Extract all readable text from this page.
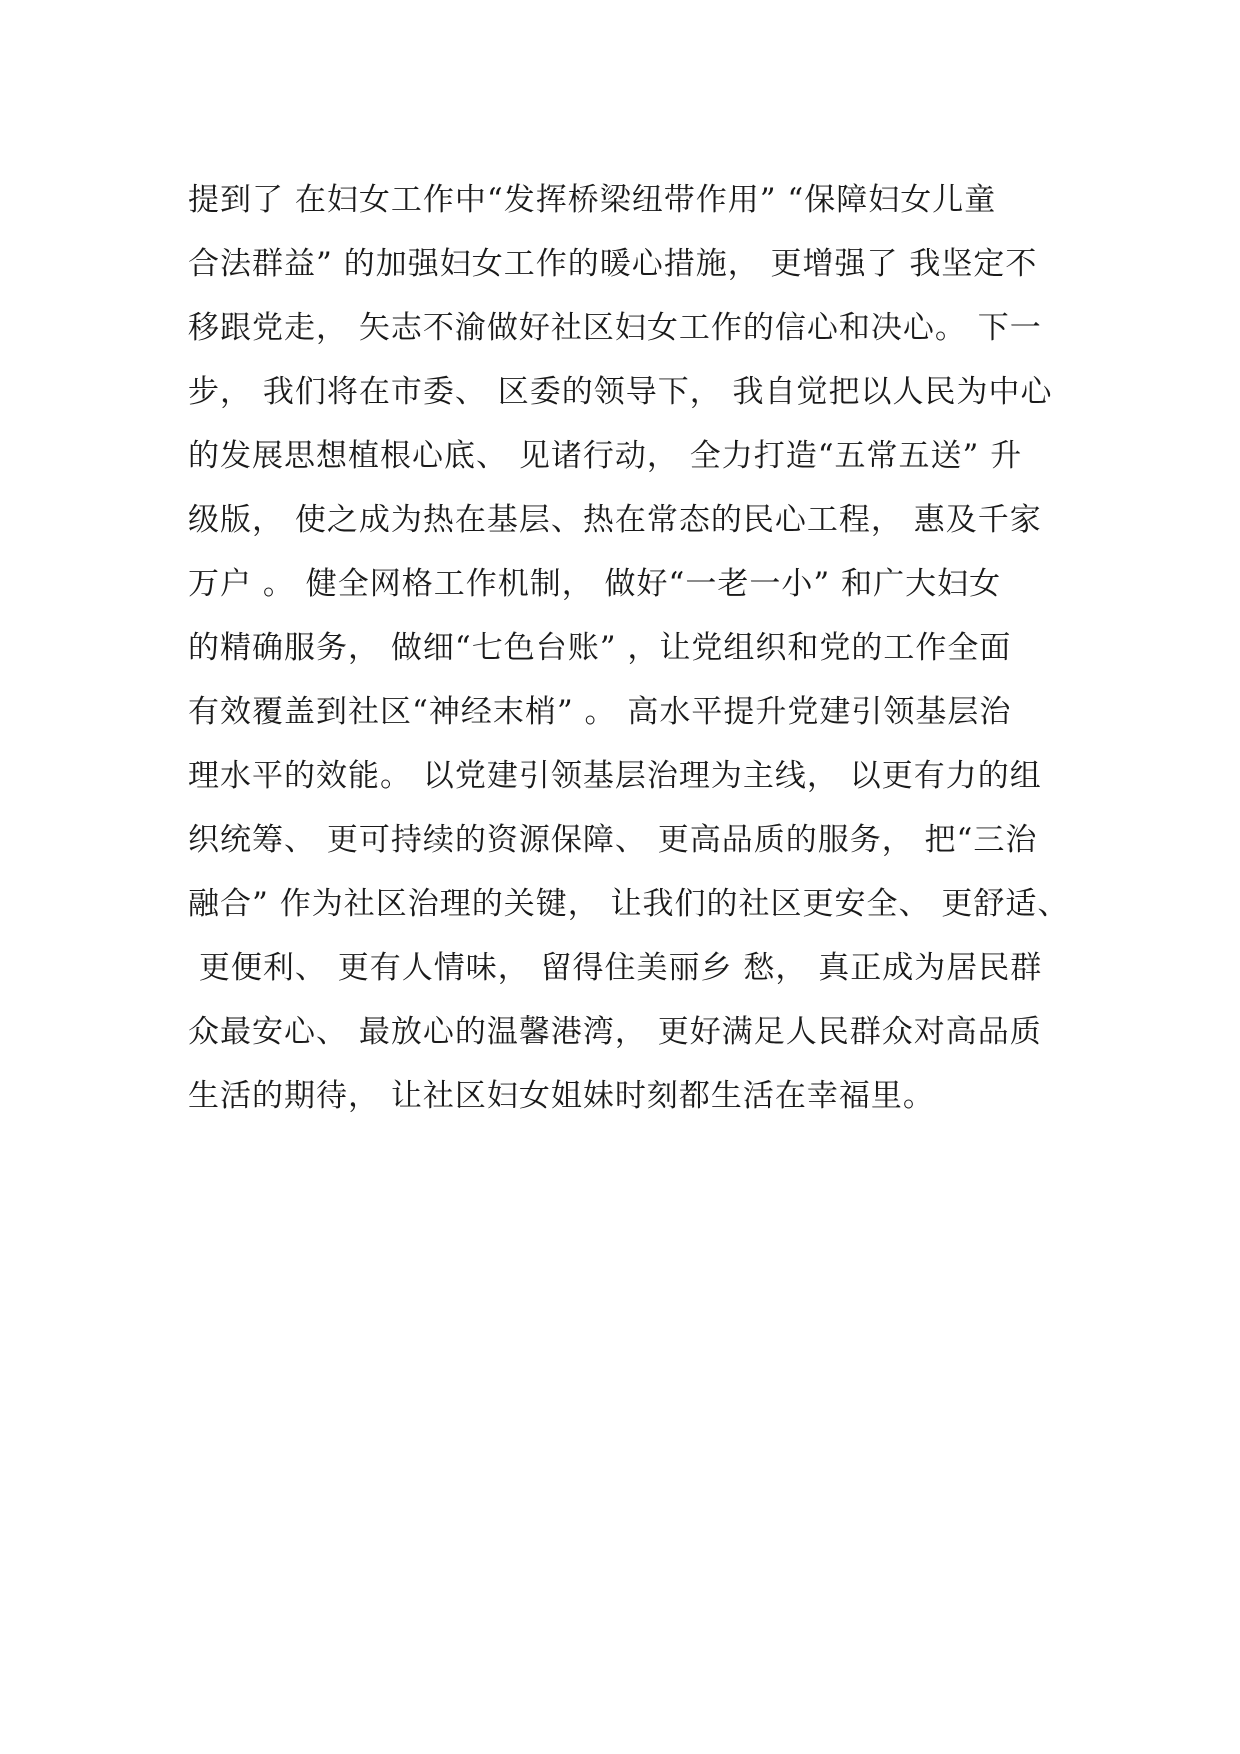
提到了 在妇女工作中“发挥桥梁纽带作用” “保障妇女儿童
合法群益” 的加强妇女工作的暖心措施， 更增强了 我坚定不
移跟党走， 矢志不渝做好社区妇女工作的信心和决心。 下一
步， 我们将在市委、 区委的领导下， 我自觉把以人民为中心
的发展思想植根心底、 见诸行动， 全力打造“五常五送” 升
级版， 使之成为热在基层、热在常态的民心工程， 惠及千家
万户 。 健全网格工作机制， 做好“一老一小” 和广大妇女
的精确服务， 做细“七色台账” ，让党组织和党的工作全面
有效覆盖到社区“神经末梢” 。 高水平提升党建引领基层治
理水平的效能。 以党建引领基层治理为主线， 以更有力的组
织统筹、 更可持续的资源保障、 更高品质的服务， 把“三治
融合” 作为社区治理的关键， 让我们的社区更安全、 更舒适、
更便利、 更有人情味， 留得住美丽乡 愁， 真正成为居民群
众最安心、 最放心的温馨港湾， 更好满足人民群众对高品质
生活的期待， 让社区妇女姐妹时刻都生活在幸福里。
